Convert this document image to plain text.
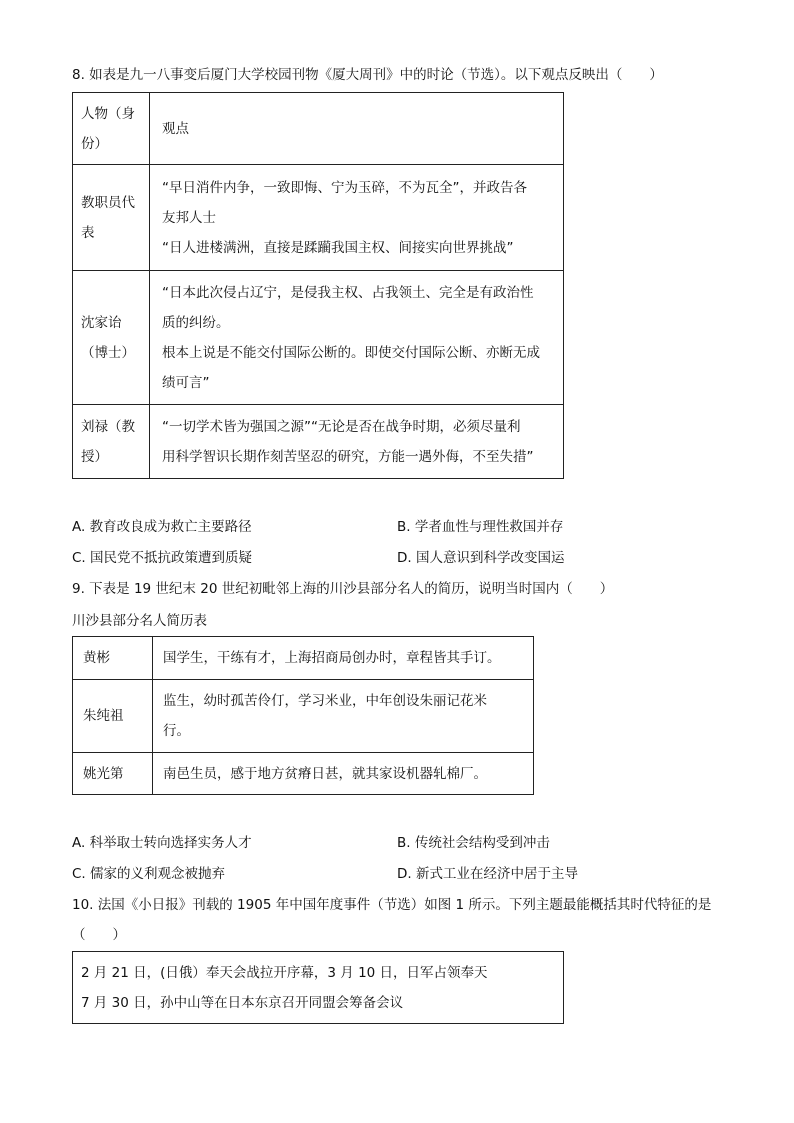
8. 如表是九一八事变后厦门大学校园刊物《厦大周刊》中的时论（节选）。以下观点反映出（　　）
人物（身
份）	观点

教职员代
表	“早日消件内争，一致即悔、宁为玉碎，不为瓦全”，并政告各
友邦人士
“日人进楼满洲，直接是蹂躏我国主权、间接实向世界挑战”

沈家诒
（博士）	“日本此次侵占辽宁，是侵我主权、占我领土、完全是有政治性
质的纠纷。
根本上说是不能交付国际公断的。即使交付国际公断、亦断无成
绩可言”

刘禄（教
授）	“一切学术皆为强国之源”“无论是否在战争时期，必须尽量利
用科学智识长期作刻苦坚忍的研究，方能一遇外侮，不至失措”
A. 教育改良成为救亡主要路径	B. 学者血性与理性救国并存
C. 国民党不抵抗政策遭到质疑	D. 国人意识到科学改变国运
9. 下表是 19 世纪末 20 世纪初毗邻上海的川沙县部分名人的简历，说明当时国内（　　）
川沙县部分名人简历表
黄彬	国学生，干练有才，上海招商局创办时，章程皆其手订。

朱纯祖	监生，幼时孤苦伶仃，学习米业，中年创设朱丽记花米
行。

姚光第	南邑生员，感于地方贫瘠日甚，就其家设机器轧棉厂。
A. 科举取士转向选择实务人才	B. 传统社会结构受到冲击
C. 儒家的义利观念被抛弃	D. 新式工业在经济中居于主导
10. 法国《小日报》刊载的 1905 年中国年度事件（节选）如图 1 所示。下列主题最能概括其时代特征的是
（　　）
2 月 21 日，(日俄）奉天会战拉开序幕，3 月 10 日，日军占领奉天
7 月 30 日，孙中山等在日本东京召开同盟会筹备会议
